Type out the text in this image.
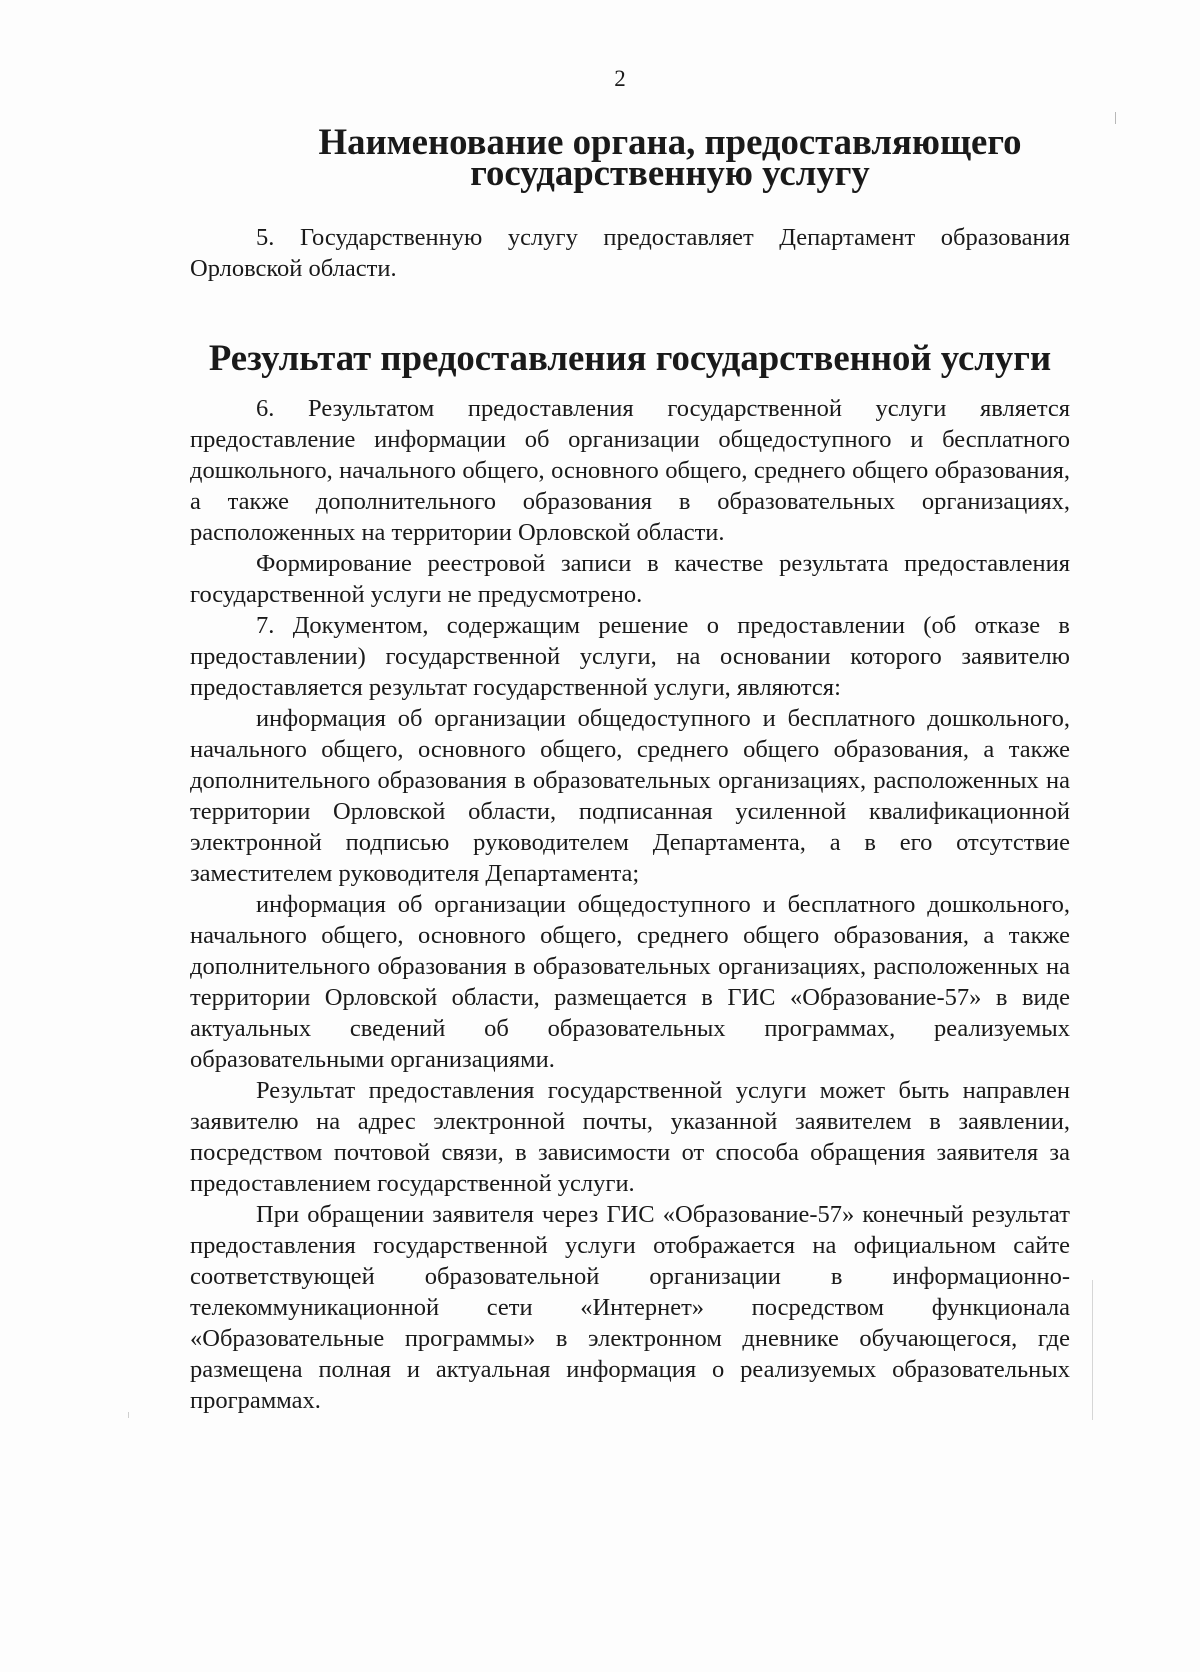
2
Наименование органа, предоставляющего государственную услугу

5. Государственную услугу предоставляет Департамент образования Орловской области.

Результат предоставления государственной услуги

6. Результатом предоставления государственной услуги является предоставление информации об организации общедоступного и бесплатного дошкольного, начального общего, основного общего, среднего общего образования, а также дополнительного образования в образовательных организациях, расположенных на территории Орловской области.

Формирование реестровой записи в качестве результата предоставления государственной услуги не предусмотрено.

7. Документом, содержащим решение о предоставлении (об отказе в предоставлении) государственной услуги, на основании которого заявителю предоставляется результат государственной услуги, являются:

информация об организации общедоступного и бесплатного дошкольного, начального общего, основного общего, среднего общего образования, а также дополнительного образования в образовательных организациях, расположенных на территории Орловской области, подписанная усиленной квалификационной электронной подписью руководителем Департамента, а в его отсутствие заместителем руководителя Департамента;

информация об организации общедоступного и бесплатного дошкольного, начального общего, основного общего, среднего общего образования, а также дополнительного образования в образовательных организациях, расположенных на территории Орловской области, размещается в ГИС «Образование-57» в виде актуальных сведений об образовательных программах, реализуемых образовательными организациями.

Результат предоставления государственной услуги может быть направлен заявителю на адрес электронной почты, указанной заявителем в заявлении, посредством почтовой связи, в зависимости от способа обращения заявителя за предоставлением государственной услуги.

При обращении заявителя через ГИС «Образование-57» конечный результат предоставления государственной услуги отображается на официальном сайте соответствующей образовательной организации в информационно-телекоммуникационной сети «Интернет» посредством функционала «Образовательные программы» в электронном дневнике обучающегося, где размещена полная и актуальная информация о реализуемых образовательных программах.
